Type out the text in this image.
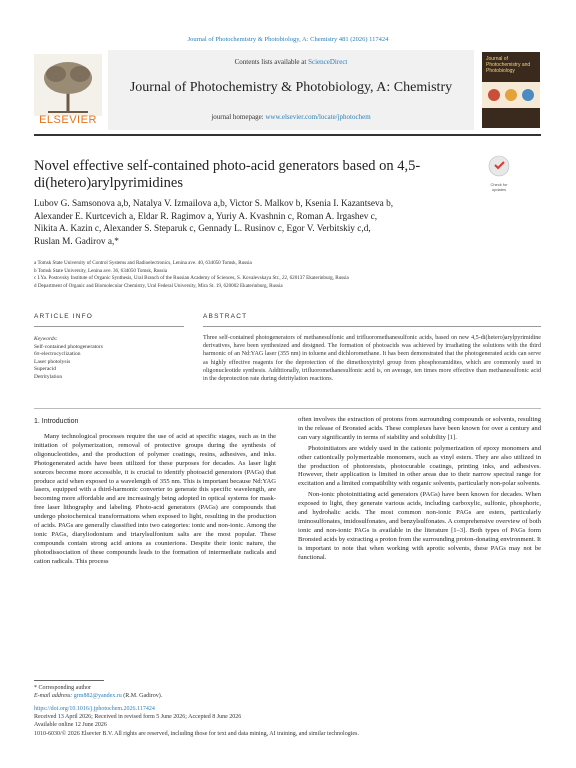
Journal of Photochemistry & Photobiology, A: Chemistry 481 (2026) 117424
ELSEVIER
Contents lists available at ScienceDirect
Journal of Photochemistry & Photobiology, A: Chemistry
journal homepage: www.elsevier.com/locate/jphotochem
Journal of Photochemistry and Photobiology
Novel effective self-contained photo-acid generators based on 4,5- di(hetero)arylpyrimidines	Check for updates
Lubov G. Samsonova a,b, Natalya V. Izmailova a,b, Victor S. Malkov b, Ksenia I. Kazantseva b,
Alexander E. Kurtcevich a, Eldar R. Ragimov a, Yuriy A. Kvashnin c, Roman A. Irgashev c,
Nikita A. Kazin c, Alexander S. Steparuk c, Gennady L. Rusinov c, Egor V. Verbitskiy c,d,
Ruslan M. Gadirov a,*
a Tomsk State University of Control Systems and Radioelectronics, Lenina ave. 40, 634050 Tomsk, Russia
b Tomsk State University, Lenina ave. 36, 634050 Tomsk, Russia
c I.Ya. Postovsky Institute of Organic Synthesis, Ural Branch of the Russian Academy of Sciences, S. Kovalevskaya Str., 22, 620137 Ekaterinburg, Russia
d Department of Organic and Biomolecular Chemistry, Ural Federal University, Mira St. 19, 620002 Ekaterinburg, Russia
ARTICLE INFO	ABSTRACT
Keywords:
Self-contained photogenerators
6π-electrocyclization
Laser photolysis
Superacid
Detritylation
Three self-contained photogenerators of methanesulfonic and trifluoromethanesulfonic acids, based on new 4,5-di(hetero)arylpyrimidine derivatives, have been synthesized and designed. The formation of photoacids was achieved by irradiating the solutions with the third harmonic of an Nd:YAG laser (355 nm) in toluene and dichloromethane. It has been demonstrated that the photogenerated acids can serve as highly effective reagents for the deprotection of the dimethoxytrityl group from phosphoramidites, which are commonly used in oligonucleotide synthesis. Additionally, trifluoromethanesulfonic acid is, on average, ten times more effective than methanesulfonic acid in the deprotection rate during detritylation reactions.
1. Introduction

Many technological processes require the use of acid at specific stages, such as in the initiation of polymerization, removal of protective groups during the synthesis of oligonucleotides, and the production of polymer coatings, resins, adhesives, and inks. Photogenerated acids have been utilized for these purposes for decades. As laser light sources become more accessible, it is crucial to identify photoacid generators (PAGs) that produce acid when exposed to a wavelength of 355 nm. This is important because Nd:YAG lasers, equipped with a third-harmonic converter to generate this specific wavelength, are becoming more affordable and are increasingly being adopted in optical systems for mask-free laser lithography and labeling. Photo-acid generators (PAGs) are compounds that undergo photochemical transformations when exposed to light, resulting in the production of acids. PAGs are generally classified into two categories: ionic and non-ionic. Among the ionic PAGs, diaryliodonium and triarylsulfonium salts are the most popular. These compounds contain strong acid anions as counterions. Despite their ionic nature, the photodissociation of these compounds leads to the formation of intermediate radicals and cation radicals. This process

often involves the extraction of protons from surrounding compounds or solvents, resulting in the release of Bronsted acids. These complexes have been known for over a century and can vary significantly in terms of stability and solubility [1].

Photoinitiators are widely used in the cationic polymerization of epoxy monomers and other cationically polymerizable monomers, such as vinyl esters. They are also utilized in the production of photoresists, photocurable coatings, printing inks, and adhesives. However, their application is limited in other areas due to their narrow spectral range for excitation and a limited compatibility with organic solvents, particularly non-polar solvents.

Non-ionic photoinitiating acid generators (PAGs) have been known for decades. When exposed to light, they generate various acids, including carboxylic, sulfonic, phosphoric, and hydrohalic acids. The most common non-ionic PAGs are esters, particularly iminosulfonates, imidosulfonates, and benzylsulfonates. A comprehensive overview of both ionic and non-ionic PAGs is available in the literature [1–3]. Both types of PAGs form Bronsted acids by extracting a proton from the surrounding proton-donating environment. It is important to note that when working with aprotic solvents, these PAGs may not be functional.

* Corresponding author
E-mail address: grm882@yandex.ru (R.M. Gadirov).
https://doi.org/10.1016/j.jphotochem.2026.117424
Received 13 April 2026; Received in revised form 5 June 2026; Accepted 8 June 2026
Available online 12 June 2026
1010-6030/© 2026 Elsevier B.V. All rights are reserved, including those for text and data mining, AI training, and similar technologies.
